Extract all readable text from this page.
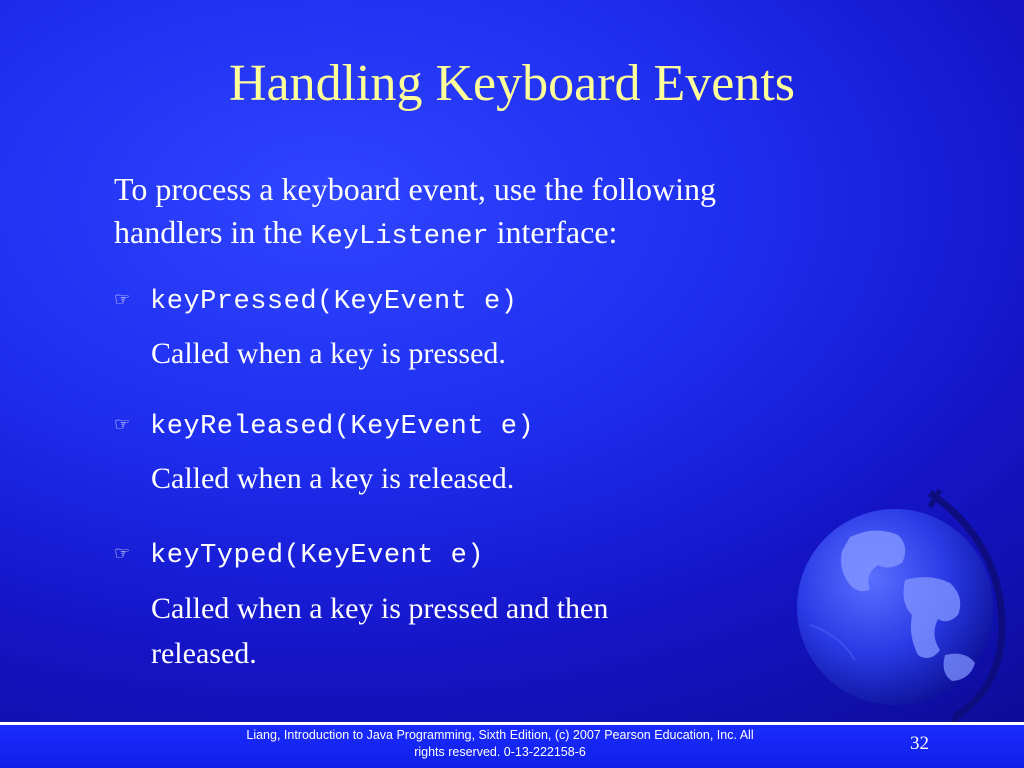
Handling Keyboard Events
To process a keyboard event, use the following
handlers in the KeyListener interface:
☞ keyPressed(KeyEvent e)
Called when a key is pressed.
☞ keyReleased(KeyEvent e)
Called when a key is released.
☞ keyTyped(KeyEvent e)
Called when a key is pressed and then
released.
Liang, Introduction to Java Programming, Sixth Edition, (c) 2007 Pearson Education, Inc. All
rights reserved. 0-13-222158-6	32
